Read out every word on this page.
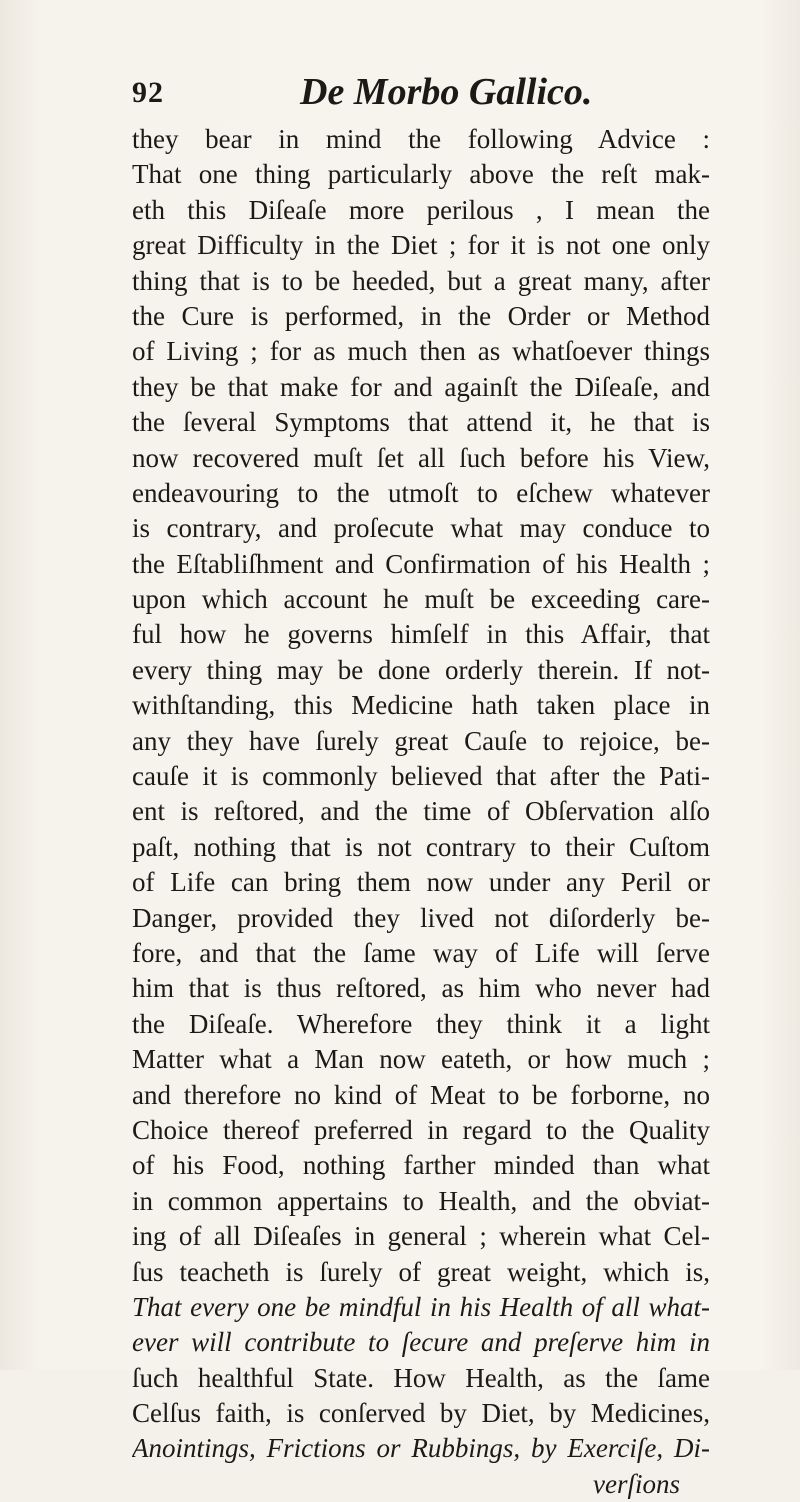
92	De Morbo Gallico.
they bear in mind the following Advice :
That one thing particularly above the reſt mak-
eth this Diſeaſe more perilous , I mean the
great Difficulty in the Diet ; for it is not one only
thing that is to be heeded, but a great many, after
the Cure is performed, in the Order or Method
of Living ; for as much then as whatſoever things
they be that make for and againſt the Diſeaſe, and
the ſeveral Symptoms that attend it, he that is
now recovered muſt ſet all ſuch before his View,
endeavouring to the utmoſt to eſchew whatever
is contrary, and proſecute what may conduce to
the Eſtabliſhment and Confirmation of his Health ;
upon which account he muſt be exceeding care-
ful how he governs himſelf in this Affair, that
every thing may be done orderly therein. If not-
withſtanding, this Medicine hath taken place in
any they have ſurely great Cauſe to rejoice, be-
cauſe it is commonly believed that after the Pati-
ent is reſtored, and the time of Obſervation alſo
paſt, nothing that is not contrary to their Cuſtom
of Life can bring them now under any Peril or
Danger, provided they lived not diſorderly be-
fore, and that the ſame way of Life will ſerve
him that is thus reſtored, as him who never had
the Diſeaſe. Wherefore they think it a light
Matter what a Man now eateth, or how much ;
and therefore no kind of Meat to be forborne, no
Choice thereof preferred in regard to the Quality
of his Food, nothing farther minded than what
in common appertains to Health, and the obviat-
ing of all Diſeaſes in general ; wherein what Cel-
ſus teacheth is ſurely of great weight, which is,
That every one be mindful in his Health of all what-
ever will contribute to ſecure and preſerve him in
ſuch healthful State. How Health, as the ſame
Celſus faith, is conſerved by Diet, by Medicines,
Anointings, Frictions or Rubbings, by Exerciſe, Di-
verſions
